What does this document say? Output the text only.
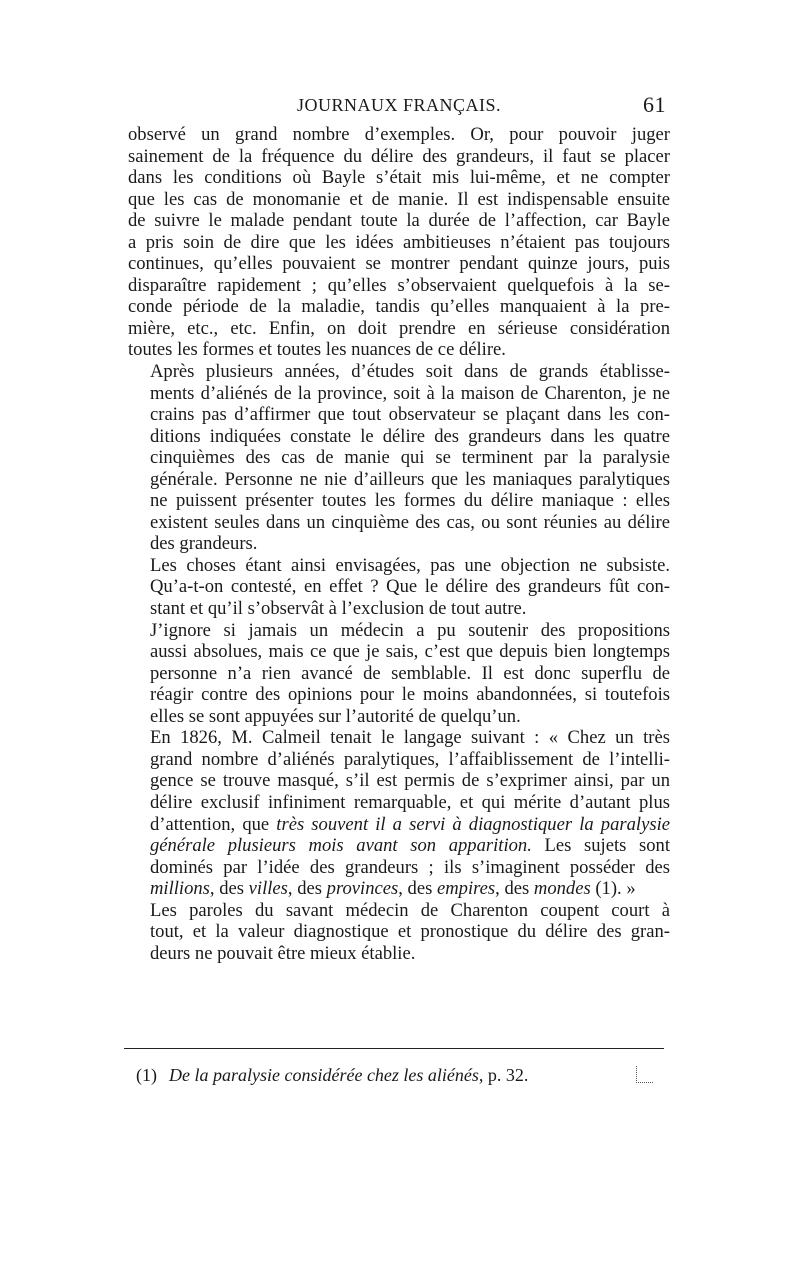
JOURNAUX FRANÇAIS.	61

observé un grand nombre d’exemples. Or, pour pouvoir juger
sainement de la fréquence du délire des grandeurs, il faut se placer
dans les conditions où Bayle s’était mis lui-même, et ne compter
que les cas de monomanie et de manie. Il est indispensable ensuite
de suivre le malade pendant toute la durée de l’affection, car Bayle
a pris soin de dire que les idées ambitieuses n’étaient pas toujours
continues, qu’elles pouvaient se montrer pendant quinze jours, puis
disparaître rapidement ; qu’elles s’observaient quelquefois à la se-
conde période de la maladie, tandis qu’elles manquaient à la pre-
mière, etc., etc. Enfin, on doit prendre en sérieuse considération
toutes les formes et toutes les nuances de ce délire.

Après plusieurs années, d’études soit dans de grands établisse-
ments d’aliénés de la province, soit à la maison de Charenton, je ne
crains pas d’affirmer que tout observateur se plaçant dans les con-
ditions indiquées constate le délire des grandeurs dans les quatre
cinquièmes des cas de manie qui se terminent par la paralysie
générale. Personne ne nie d’ailleurs que les maniaques paralytiques
ne puissent présenter toutes les formes du délire maniaque : elles
existent seules dans un cinquième des cas, ou sont réunies au délire
des grandeurs.

Les choses étant ainsi envisagées, pas une objection ne subsiste.
Qu’a-t-on contesté, en effet ? Que le délire des grandeurs fût con-
stant et qu’il s’observât à l’exclusion de tout autre.

J’ignore si jamais un médecin a pu soutenir des propositions
aussi absolues, mais ce que je sais, c’est que depuis bien longtemps
personne n’a rien avancé de semblable. Il est donc superflu de
réagir contre des opinions pour le moins abandonnées, si toutefois
elles se sont appuyées sur l’autorité de quelqu’un.

En 1826, M. Calmeil tenait le langage suivant : « Chez un très
grand nombre d’aliénés paralytiques, l’affaiblissement de l’intelli-
gence se trouve masqué, s’il est permis de s’exprimer ainsi, par un
délire exclusif infiniment remarquable, et qui mérite d’autant plus
d’attention, que très souvent il a servi à diagnostiquer la paralysie
générale plusieurs mois avant son apparition. Les sujets sont
dominés par l’idée des grandeurs ; ils s’imaginent posséder des
millions, des villes, des provinces, des empires, des mondes (1). »

Les paroles du savant médecin de Charenton coupent court à
tout, et la valeur diagnostique et pronostique du délire des gran-
deurs ne pouvait être mieux établie.

(1) De la paralysie considérée chez les aliénés, p. 32.
